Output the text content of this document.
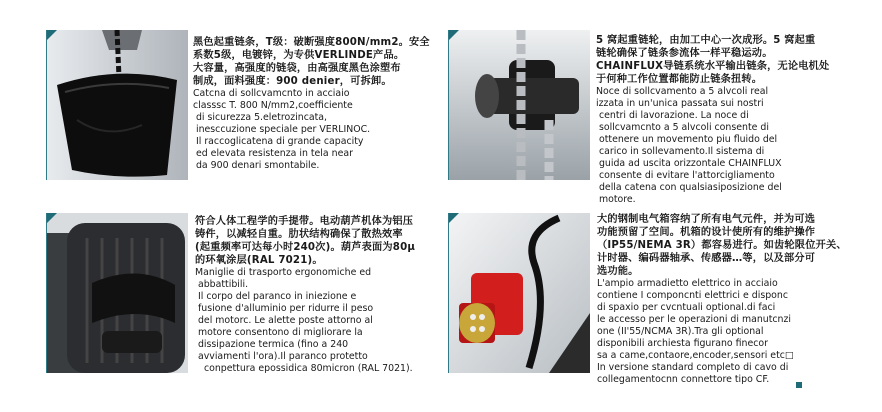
黑色起重链条，T级：破断强度800N/mm2。安全

系数5级，电镀锌，为专供VERLINDE产品。

大容量，高强度的链袋，由高强度黑色涂塑布

制成，面料强度：900 denier，可拆卸。

Catcna di sollcvamcnto in acciaio

classsc T. 800 N/mm2,coefficiente

di sicurezza 5.eletrozincata,

inesccuzione speciale per VERLINOC.

Il raccoglicatena di grande capacity

ed elevata resistenza in tela near

da 900 denari smontabile.

5 窝起重链轮，由加工中心一次成形。5 窝起重

链轮确保了链条参流体一样平稳运动。

CHAINFLUX导链系统水平输出链条，无论电机处

于何种工作位置都能防止链条扭转。

Noce di sollcvamento a 5 alvcoli real

izzata in un'unica passata sui nostri

centri di lavorazione. La noce di

sollcvamcnto a 5 alvcoli consente di

ottenere un movemento piu fluido del

carico in sollevamento.Il sistema di

guida ad uscita orizzontale CHAINFLUX

consente di evitare l'attorcigliamento

della catena con qualsiasiposizione del

motore.

符合人体工程学的手提带。电动葫芦机体为铝压

铸件，以减轻自重。肋状结构确保了散热效率

(起重频率可达每小时240次)。葫芦表面为80μ

的环氧涂层(RAL 7021)。

Maniglie di trasporto ergonomiche ed

abbattibili.

Il corpo del paranco in iniezione e

fusione d'alluminio per ridurre il peso

del motorc. Le alette poste attorno al

motore consentono di migliorare la

dissipazione termica (fino a 240

avviamenti l'ora).Il paranco protetto

conpettura epossidica 80micron (RAL 7021).

大的钢制电气箱容纳了所有电气元件，并为可选

功能预留了空间。机箱的设计使所有的维护操作

（IP55/NEMA 3R）都容易进行。如齿轮限位开关、

计时器、编码器轴承、传感器…等，以及部分可

选功能。

L'ampio armadietto elettrico in acciaio

contiene I componcnti elettrici e disponc

di spaxio per cvcntuali optional.di faci

le accesso per le operazioni di manutcnzi

one (II'55/NCMA 3R).Tra gli optional

disponibili archiesta figurano finecor

sa a came,contaore,encoder,sensori etc□

In versione standard completo di cavo di

collegamentocnn connettore tipo CF.
